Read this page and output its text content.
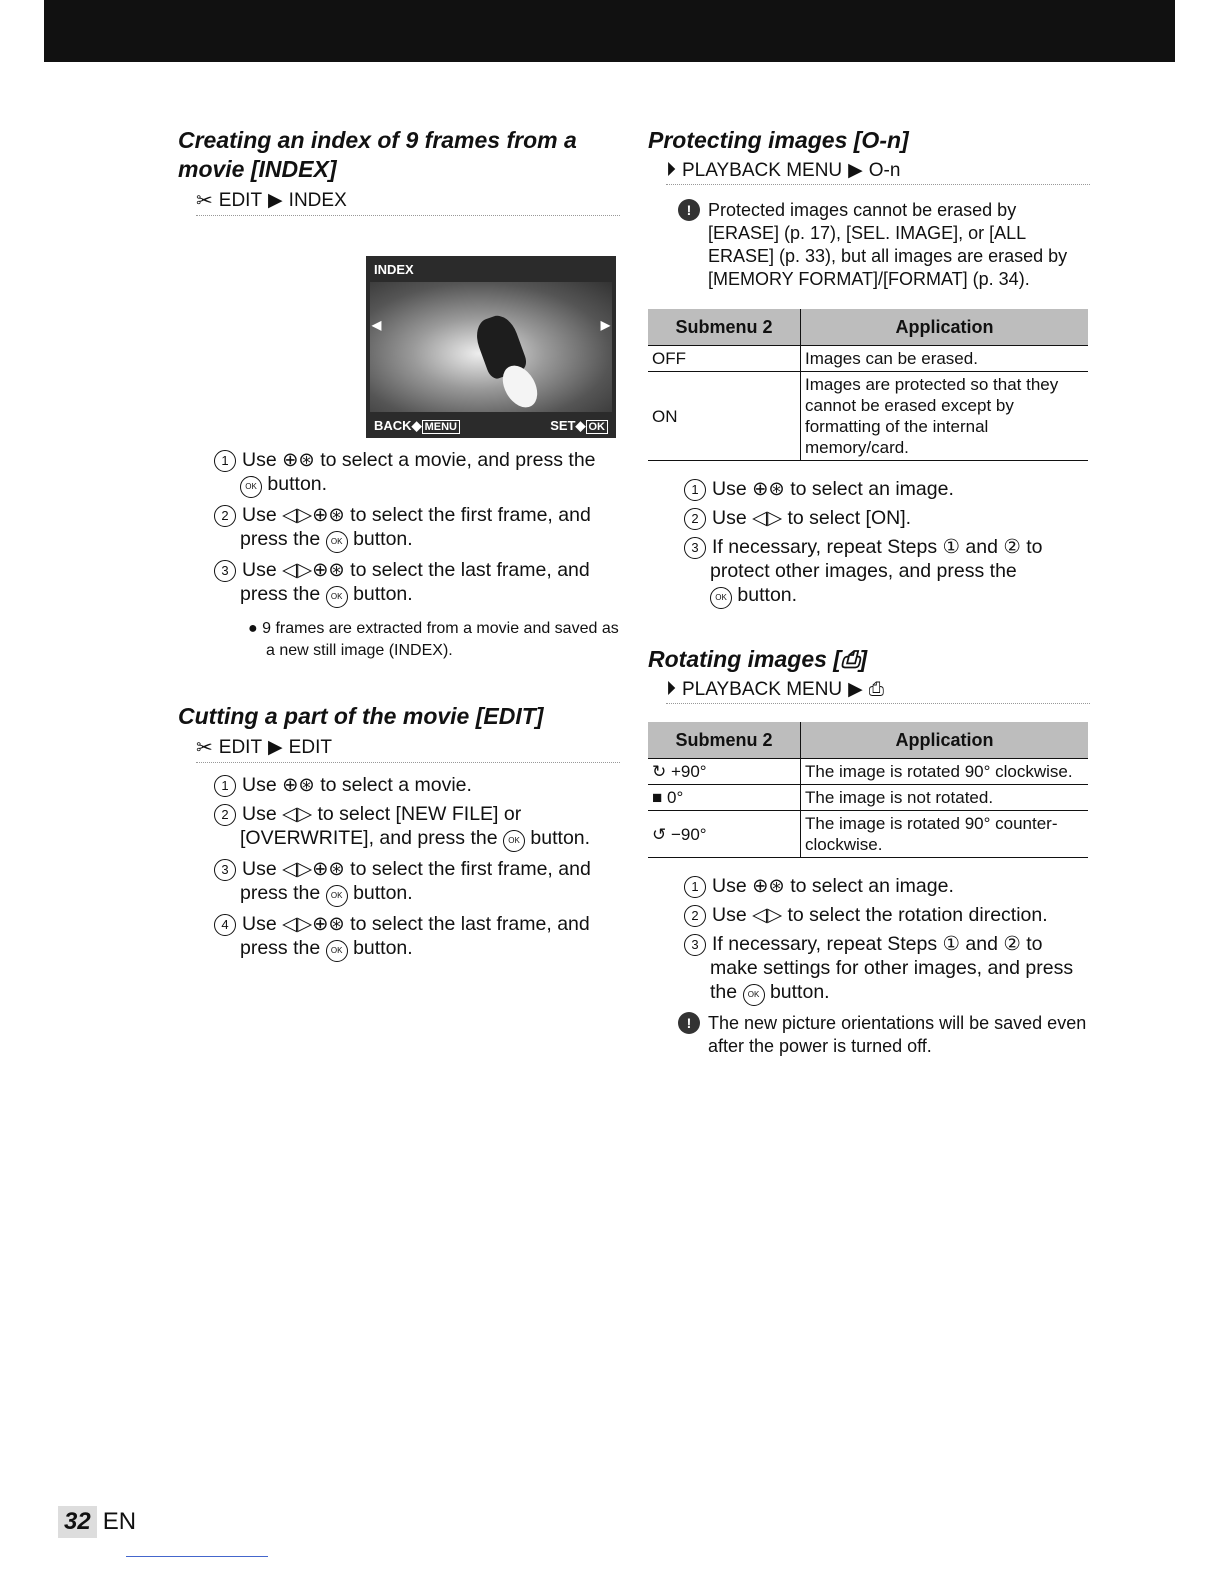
Creating an index of 9 frames from a movie [INDEX]
✂ EDIT ▶ INDEX
INDEX
◀	▶
BACK◆ MENU	SET◆ OK
1 Use ⊕⊛ to select a movie, and press the
OK button.
2 Use ◁▷⊕⊛ to select the first frame, and press the OK button.
3 Use ◁▷⊕⊛ to select the last frame, and press the OK button.
● 9 frames are extracted from a movie and saved as a new still image (INDEX).
Cutting a part of the movie [EDIT]
✂ EDIT ▶ EDIT
1 Use ⊕⊛ to select a movie.
2 Use ◁▷ to select [NEW FILE] or [OVERWRITE], and press the OK button.
3 Use ◁▷⊕⊛ to select the first frame, and press the OK button.
4 Use ◁▷⊕⊛ to select the last frame, and press the OK button.
Protecting images [O-n]
⏵ PLAYBACK MENU ▶ O-n
! Protected images cannot be erased by [ERASE] (p. 17), [SEL. IMAGE], or [ALL ERASE] (p. 33), but all images are erased by [MEMORY FORMAT]/[FORMAT] (p. 34).
Submenu 2	Application
OFF	Images can be erased.
ON	Images are protected so that they cannot be erased except by formatting of the internal memory/card.
1 Use ⊕⊛ to select an image.
2 Use ◁▷ to select [ON].
3 If necessary, repeat Steps ① and ② to protect other images, and press the
OK button.
Rotating images [⎙]
⏵ PLAYBACK MENU ▶ ⎙
Submenu 2	Application
↻ +90°	The image is rotated 90° clockwise.
■ 0°	The image is not rotated.
↺ −90°	The image is rotated 90° counter-clockwise.
1 Use ⊕⊛ to select an image.
2 Use ◁▷ to select the rotation direction.
3 If necessary, repeat Steps ① and ② to make settings for other images, and press the OK button.
! The new picture orientations will be saved even after the power is turned off.
32 EN
